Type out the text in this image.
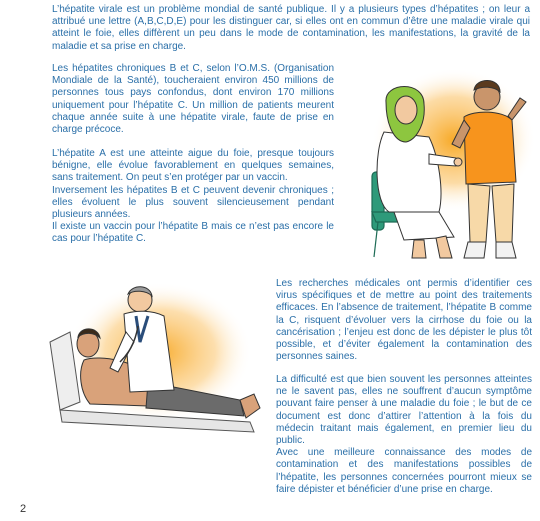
L’hépatite virale est un problème mondial de santé publique. Il y a plusieurs types d’hépatites ; on leur a attribué une lettre (A,B,C,D,E) pour les distinguer car, si elles ont en commun d’être une maladie virale qui atteint le foie, elles diffèrent un peu dans le mode de contamination, les manifestations, la gravité de la maladie et sa prise en charge.

Les hépatites chroniques B et C, selon l’O.M.S. (Organisation Mondiale de la Santé), toucheraient environ 450 millions de personnes tous pays confondus, dont environ 170 millions uniquement pour l’hépatite C. Un million de patients meurent chaque année suite à une hépatite virale, faute de prise en charge précoce.

L’hépatite A est une atteinte aigue du foie, presque toujours bénigne, elle évolue favorablement en quelques semaines, sans traitement. On peut s’en protéger par un vaccin.

Inversement les hépatites B et C peuvent devenir chroniques ; elles évoluent le plus souvent silencieusement pendant plusieurs années.

Il existe un vaccin pour l’hépatite B mais ce n’est pas encore le cas pour l’hépatite C.

Les recherches médicales ont permis d’identifier ces virus spécifiques et de mettre au point des traitements efficaces. En l’absence de traitement, l’hépatite B comme la C, risquent d’évoluer vers la cirrhose du foie ou la cancérisation ; l’enjeu est donc de les dépister le plus tôt possible, et d’éviter également la contamination des personnes saines.

La difficulté est que bien souvent les personnes atteintes ne le savent pas, elles ne souffrent d’aucun symptôme pouvant faire penser à une maladie du foie ; le but de ce document est donc d’attirer l’attention à la fois du médecin traitant mais également, en premier lieu du public.

Avec une meilleure connaissance des modes de contamination et des manifestations possibles de l’hépatite, les personnes concernées pourront mieux se faire dépister et bénéficier d’une prise en charge.

2
